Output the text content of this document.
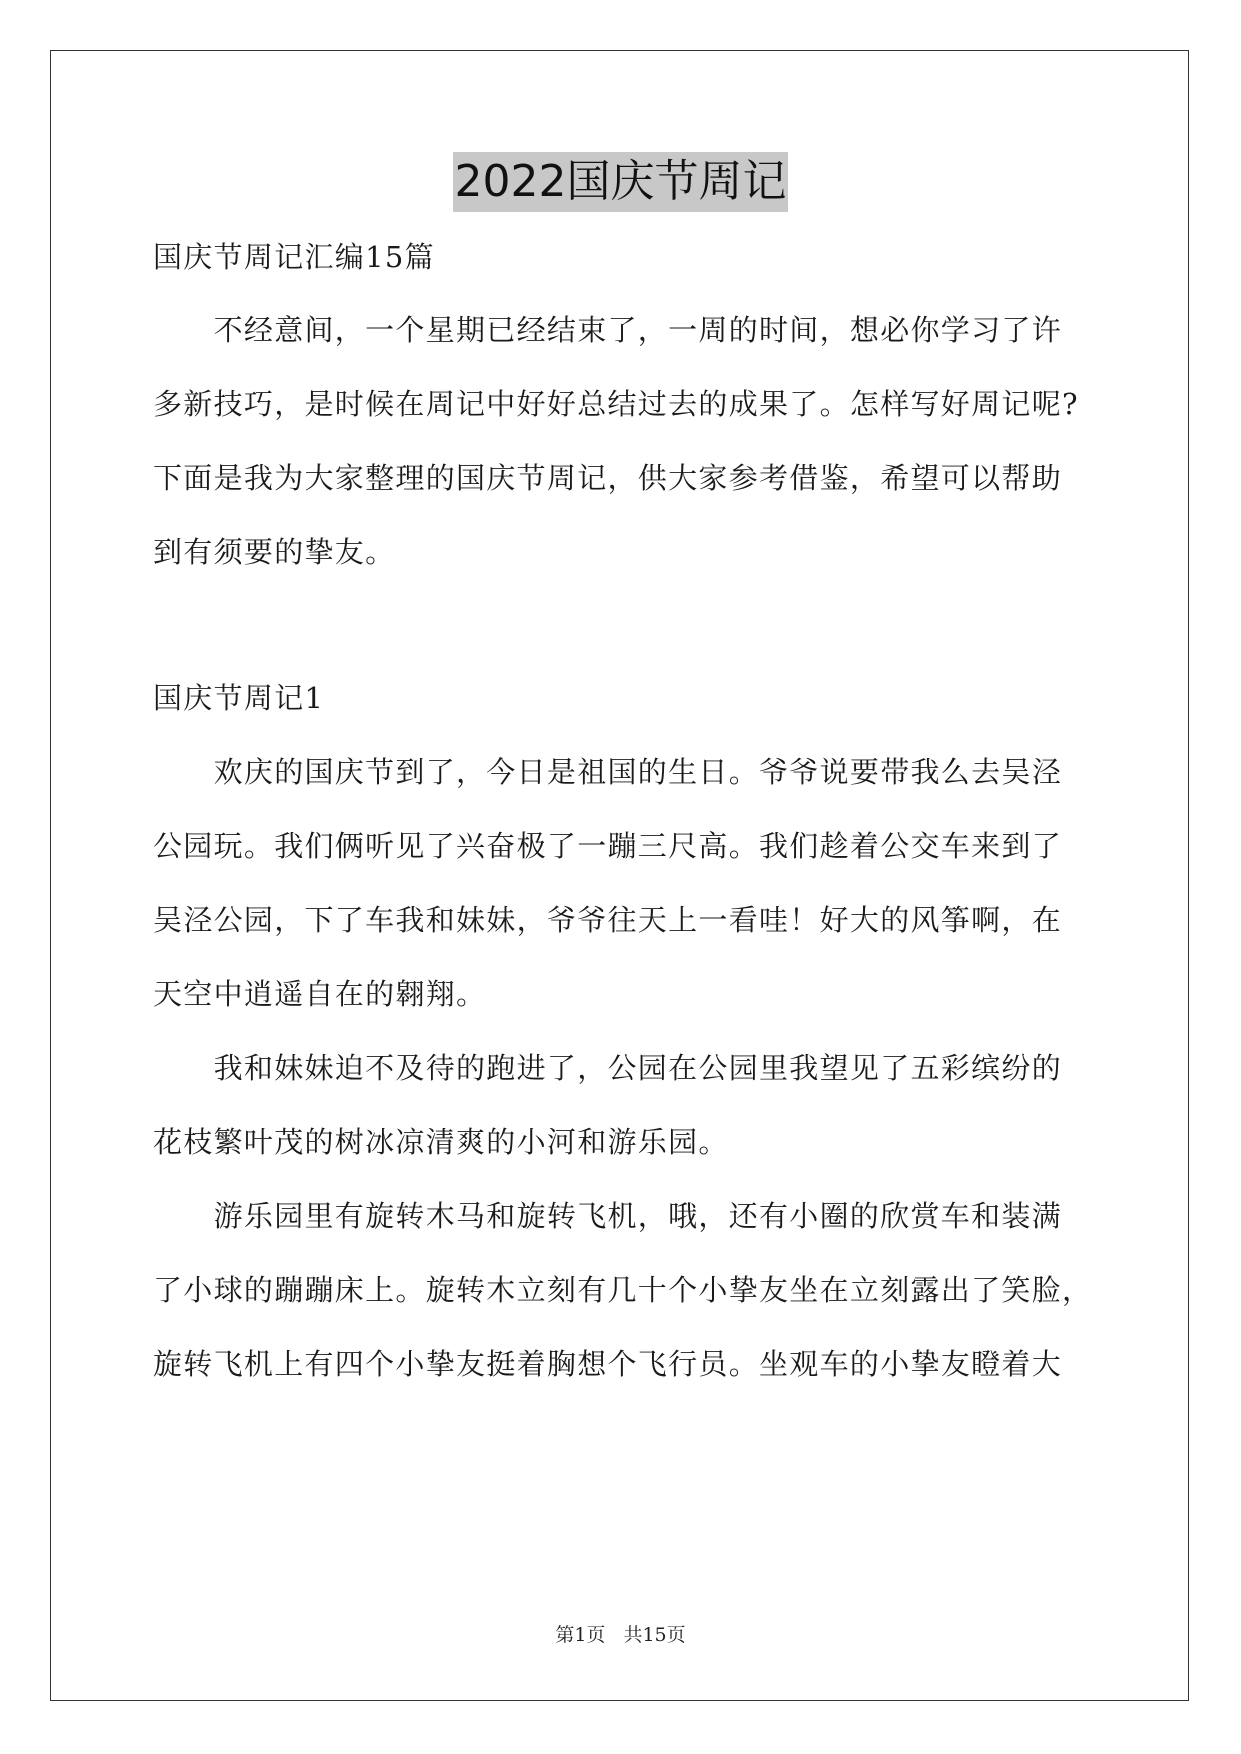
2022国庆节周记
国庆节周记汇编15篇
　　不经意间，一个星期已经结束了，一周的时间，想必你学习了许
多新技巧，是时候在周记中好好总结过去的成果了。怎样写好周记呢?
下面是我为大家整理的国庆节周记，供大家参考借鉴，希望可以帮助
到有须要的挚友。
国庆节周记1
　　欢庆的国庆节到了，今日是祖国的生日。爷爷说要带我么去吴泾
公园玩。我们俩听见了兴奋极了一蹦三尺高。我们趁着公交车来到了
吴泾公园，下了车我和妹妹，爷爷往天上一看哇！好大的风筝啊，在
天空中逍遥自在的翱翔。
　　我和妹妹迫不及待的跑进了，公园在公园里我望见了五彩缤纷的
花枝繁叶茂的树冰凉清爽的小河和游乐园。
　　游乐园里有旋转木马和旋转飞机，哦，还有小圈的欣赏车和装满
了小球的蹦蹦床上。旋转木立刻有几十个小挚友坐在立刻露出了笑脸，
旋转飞机上有四个小挚友挺着胸想个飞行员。坐观车的小挚友瞪着大
第1页 共15页
